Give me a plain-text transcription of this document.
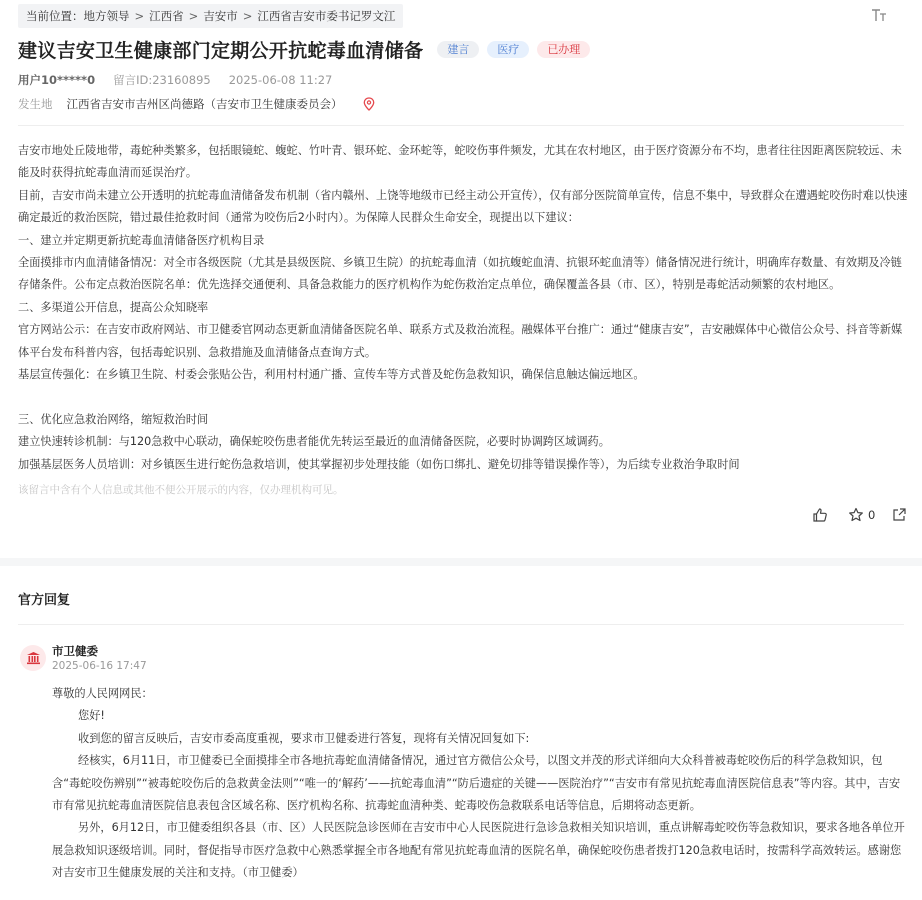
当前位置： 地方领导 > 江西省 > 吉安市 > 江西省吉安市委书记罗文江
建议吉安卫生健康部门定期公开抗蛇毒血清储备	建言	医疗	已办理
用户10*****0 留言ID:23160895 2025-06-08 11:27
发生地 江西省吉安市吉州区尚德路（吉安市卫生健康委员会）

吉安市地处丘陵地带，毒蛇种类繁多，包括眼镜蛇、蝮蛇、竹叶青、银环蛇、金环蛇等，蛇咬伤事件频发，尤其在农村地区，由于医疗资源分布不均，患者往往因距离医院较远、未能及时获得抗蛇毒血清而延误治疗。

目前，吉安市尚未建立公开透明的抗蛇毒血清储备发布机制（省内赣州、上饶等地级市已经主动公开宣传），仅有部分医院简单宣传，信息不集中，导致群众在遭遇蛇咬伤时难以快速确定最近的救治医院，错过最佳抢救时间（通常为咬伤后2小时内）。为保障人民群众生命安全，现提出以下建议：

一、建立并定期更新抗蛇毒血清储备医疗机构目录

全面摸排市内血清储备情况：对全市各级医院（尤其是县级医院、乡镇卫生院）的抗蛇毒血清（如抗蝮蛇血清、抗银环蛇血清等）储备情况进行统计，明确库存数量、有效期及冷链存储条件。公布定点救治医院名单：优先选择交通便利、具备急救能力的医疗机构作为蛇伤救治定点单位，确保覆盖各县（市、区），特别是毒蛇活动频繁的农村地区。

二、多渠道公开信息，提高公众知晓率

官方网站公示：在吉安市政府网站、市卫健委官网动态更新血清储备医院名单、联系方式及救治流程。融媒体平台推广：通过“健康吉安”，吉安融媒体中心微信公众号、抖音等新媒体平台发布科普内容，包括毒蛇识别、急救措施及血清储备点查询方式。

基层宣传强化：在乡镇卫生院、村委会张贴公告，利用村村通广播、宣传车等方式普及蛇伤急救知识，确保信息触达偏远地区。

三、优化应急救治网络，缩短救治时间

建立快速转诊机制：与120急救中心联动，确保蛇咬伤患者能优先转运至最近的血清储备医院，必要时协调跨区域调药。

加强基层医务人员培训：对乡镇医生进行蛇伤急救培训，使其掌握初步处理技能（如伤口绑扎、避免切排等错误操作等），为后续专业救治争取时间

该留言中含有个人信息或其他不便公开展示的内容，仅办理机构可见。
0
官方回复
市卫健委
2025-06-16 17:47

尊敬的人民网网民：

您好!

收到您的留言反映后，吉安市委高度重视，要求市卫健委进行答复，现将有关情况回复如下:

经核实，6月11日，市卫健委已全面摸排全市各地抗毒蛇血清储备情况，通过官方微信公众号，以图文并茂的形式详细向大众科普被毒蛇咬伤后的科学急救知识，包含“毒蛇咬伤辨别”“被毒蛇咬伤后的急救黄金法则”“唯一的‘解药’——抗蛇毒血清”“防后遗症的关键——医院治疗”“吉安市有常见抗蛇毒血清医院信息表”等内容。其中，吉安市有常见抗蛇毒血清医院信息表包含区域名称、医疗机构名称、抗毒蛇血清种类、蛇毒咬伤急救联系电话等信息，后期将动态更新。

另外，6月12日，市卫健委组织各县（市、区）人民医院急诊医师在吉安市中心人民医院进行急诊急救相关知识培训，重点讲解毒蛇咬伤等急救知识，要求各地各单位开展急救知识逐级培训。同时，督促指导市医疗急救中心熟悉掌握全市各地配有常见抗蛇毒血清的医院名单，确保蛇咬伤患者拨打120急救电话时，按需科学高效转运。感谢您对吉安市卫生健康发展的关注和支持。（市卫健委）
